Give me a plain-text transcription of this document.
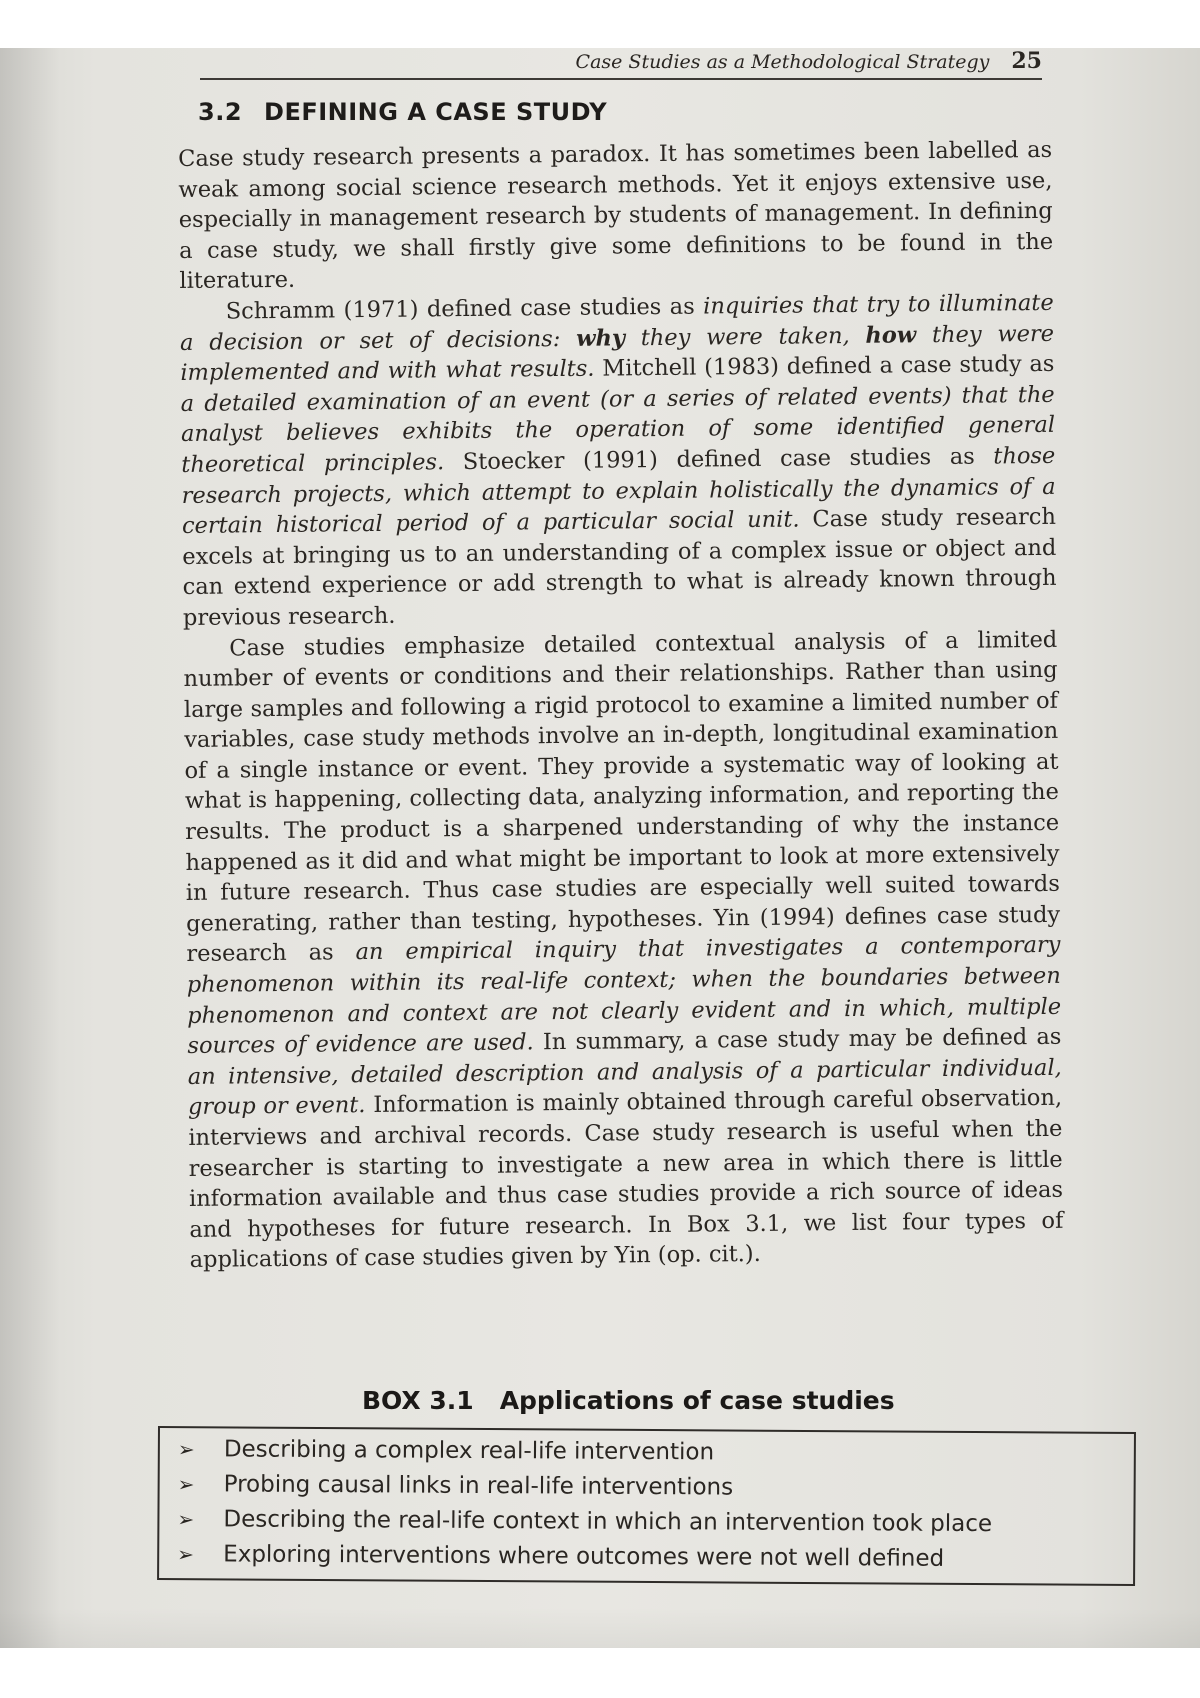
Case Studies as a Methodological Strategy 25
3.2 DEFINING A CASE STUDY

Case study research presents a paradox. It has sometimes been labelled as weak among social science research methods. Yet it enjoys extensive use, especially in management research by students of management. In defining a case study, we shall firstly give some definitions to be found in the literature.

Schramm (1971) defined case studies as inquiries that try to illuminate a decision or set of decisions: why they were taken, how they were implemented and with what results. Mitchell (1983) defined a case study as a detailed examination of an event (or a series of related events) that the analyst believes exhibits the operation of some identified general theoretical principles. Stoecker (1991) defined case studies as those research projects, which attempt to explain holistically the dynamics of a certain historical period of a particular social unit. Case study research excels at bringing us to an understanding of a complex issue or object and can extend experience or add strength to what is already known through previous research.

Case studies emphasize detailed contextual analysis of a limited number of events or conditions and their relationships. Rather than using large samples and following a rigid protocol to examine a limited number of variables, case study methods involve an in-depth, longitudinal examination of a single instance or event. They provide a systematic way of looking at what is happening, collecting data, analyzing information, and reporting the results. The product is a sharpened understanding of why the instance happened as it did and what might be important to look at more extensively in future research. Thus case studies are especially well suited towards generating, rather than testing, hypotheses. Yin (1994) defines case study research as an empirical inquiry that investigates a contemporary phenomenon within its real-life context; when the boundaries between phenomenon and context are not clearly evident and in which, multiple sources of evidence are used. In summary, a case study may be defined as an intensive, detailed description and analysis of a particular individual, group or event. Information is mainly obtained through careful observation, interviews and archival records. Case study research is useful when the researcher is starting to investigate a new area in which there is little information available and thus case studies provide a rich source of ideas and hypotheses for future research. In Box 3.1, we list four types of applications of case studies given by Yin (op. cit.).

BOX 3.1 Applications of case studies
➢	Describing a complex real-life intervention
➢	Probing causal links in real-life interventions
➢	Describing the real-life context in which an intervention took place
➢	Exploring interventions where outcomes were not well defined
